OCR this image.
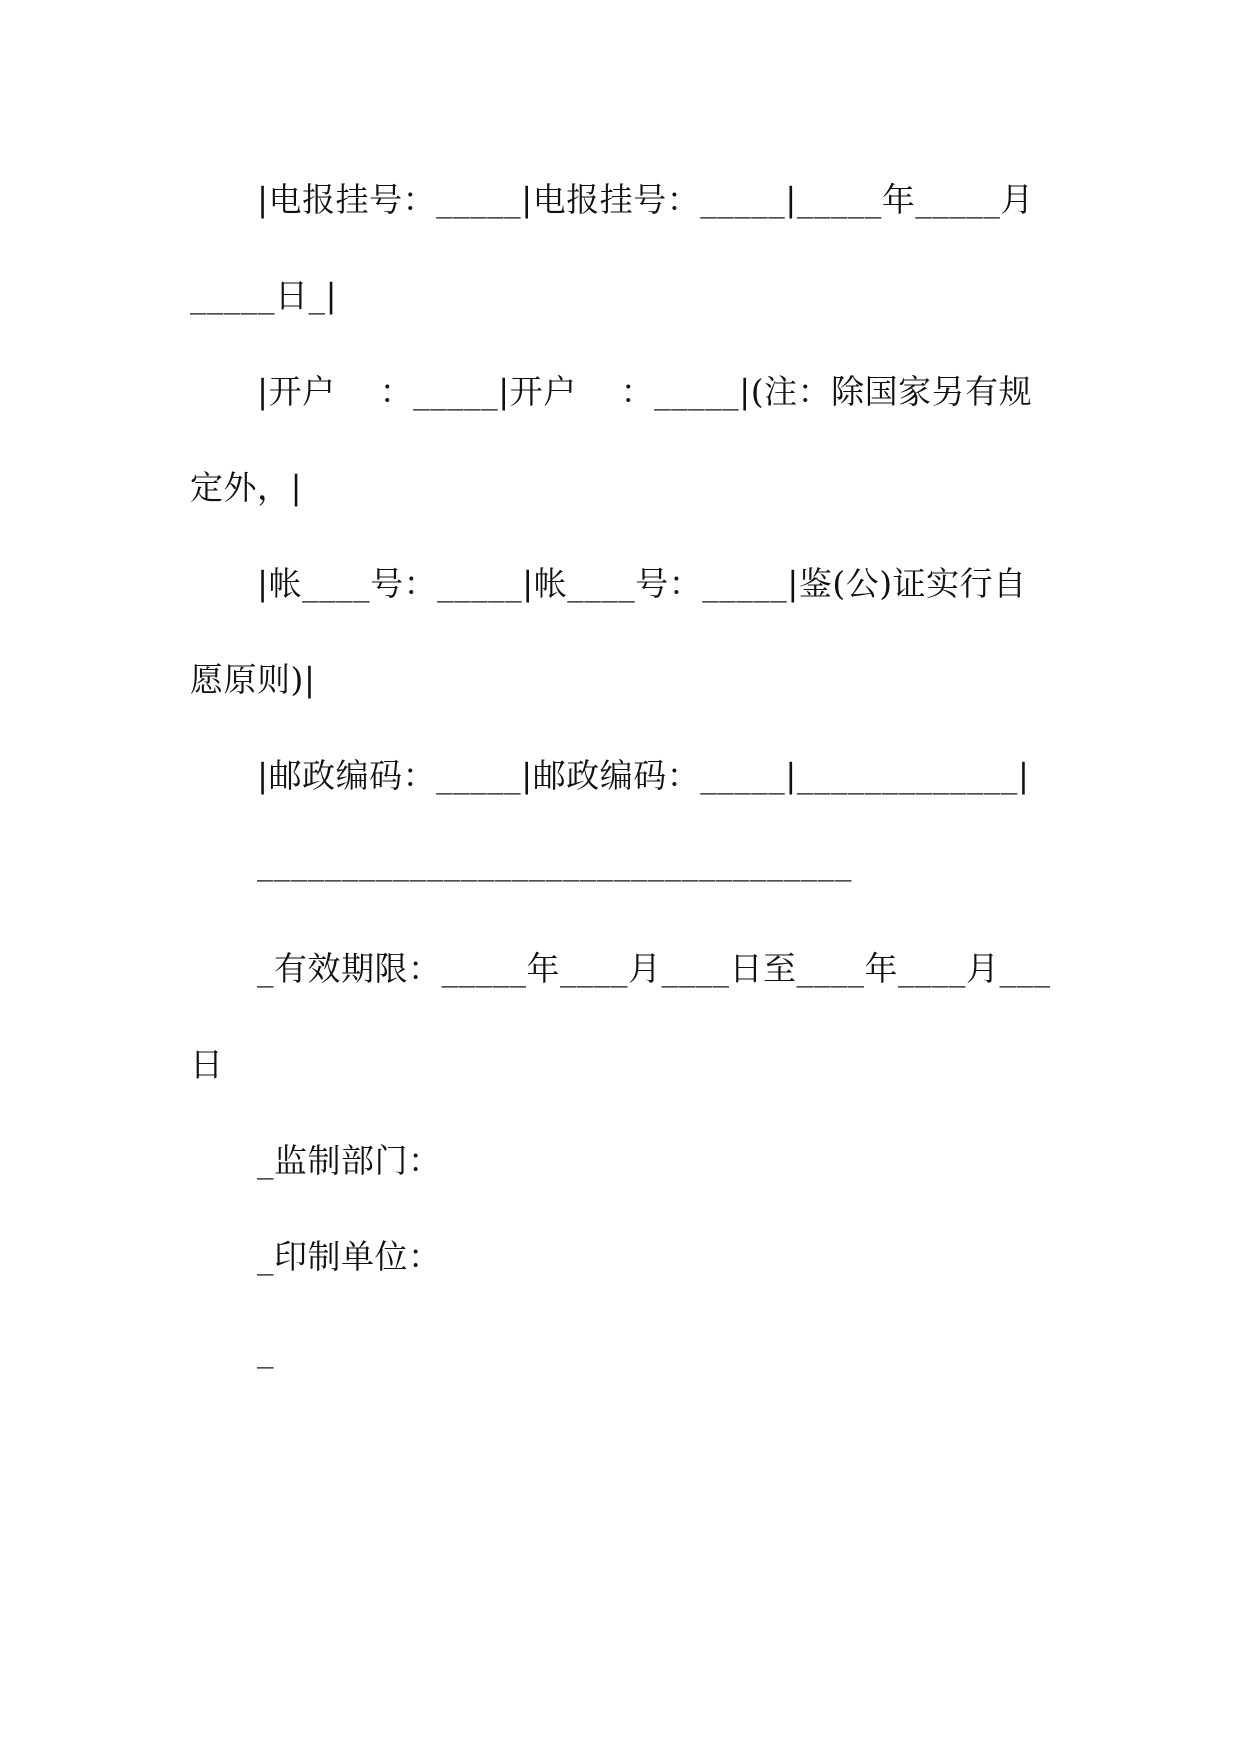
|电报挂号：_____|电报挂号：_____|_____年_____月
_____日_|
|开户    ：_____|开户    ：_____|(注：除国家另有规
定外，|
|帐____号：_____|帐____号：_____|鉴(公)证实行自
愿原则)|
|邮政编码：_____|邮政编码：_____|_____________|
___________________________________
_有效期限：_____年____月____日至____年____月___
日
_监制部门：
_印制单位：
_
